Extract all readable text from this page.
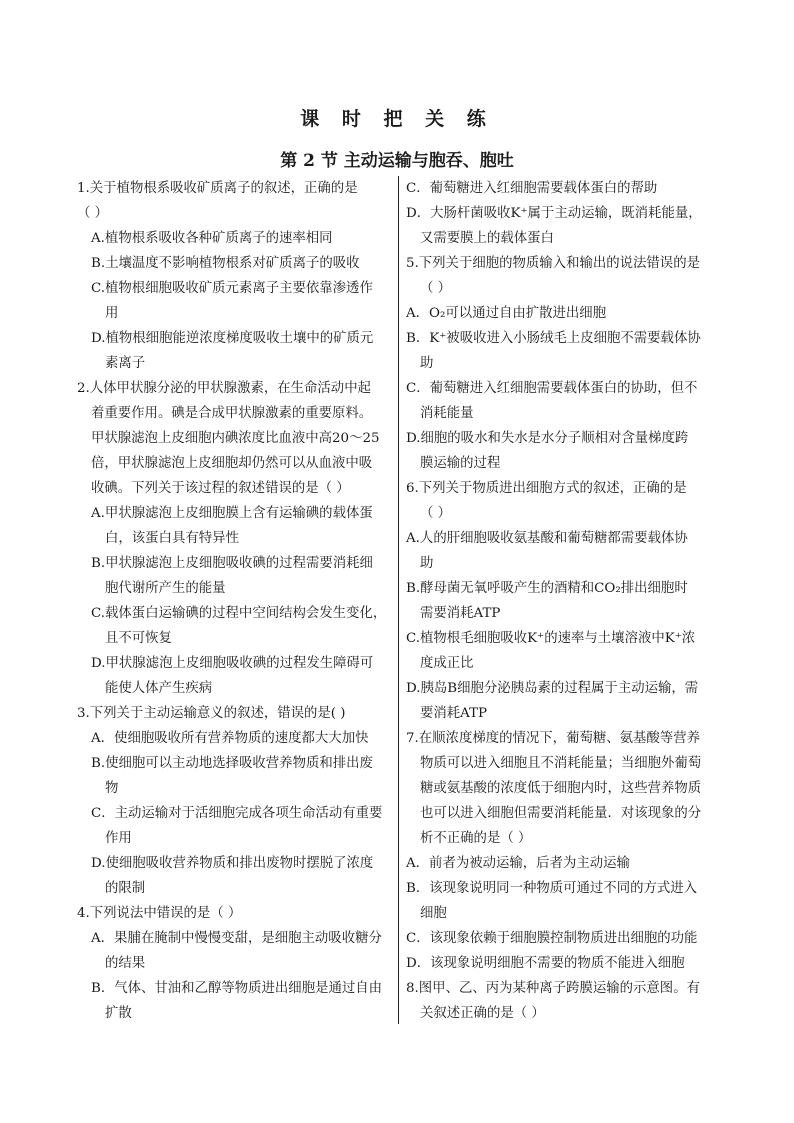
课 时 把 关 练
第 2 节 主动运输与胞吞、胞吐
1.关于植物根系吸收矿质离子的叙述，正确的是
（ ）
A.植物根系吸收各种矿质离子的速率相同
B.土壤温度不影响植物根系对矿质离子的吸收
C.植物根细胞吸收矿质元素离子主要依靠渗透作
用
D.植物根细胞能逆浓度梯度吸收土壤中的矿质元
素离子
2.人体甲状腺分泌的甲状腺激素，在生命活动中起
着重要作用。碘是合成甲状腺激素的重要原料。
甲状腺滤泡上皮细胞内碘浓度比血液中高20～25
倍，甲状腺滤泡上皮细胞却仍然可以从血液中吸
收碘。下列关于该过程的叙述错误的是（ ）
A.甲状腺滤泡上皮细胞膜上含有运输碘的载体蛋
白，该蛋白具有特异性
B.甲状腺滤泡上皮细胞吸收碘的过程需要消耗细
胞代谢所产生的能量
C.载体蛋白运输碘的过程中空间结构会发生变化，
且不可恢复
D.甲状腺滤泡上皮细胞吸收碘的过程发生障碍可
能使人体产生疾病
3.下列关于主动运输意义的叙述，错误的是( )
A．使细胞吸收所有营养物质的速度都大大加快
B.使细胞可以主动地选择吸收营养物质和排出废
物
C．主动运输对于活细胞完成各项生命活动有重要
作用
D.使细胞吸收营养物质和排出废物时摆脱了浓度
的限制
4.下列说法中错误的是（ ）
A．果脯在腌制中慢慢变甜，是细胞主动吸收糖分
的结果
B．气体、甘油和乙醇等物质进出细胞是通过自由
扩散
C．葡萄糖进入红细胞需要载体蛋白的帮助
D．大肠杆菌吸收K⁺属于主动运输，既消耗能量，
又需要膜上的载体蛋白
5.下列关于细胞的物质输入和输出的说法错误的是
（ ）
A．O₂可以通过自由扩散进出细胞
B．K⁺被吸收进入小肠绒毛上皮细胞不需要载体协
助
C．葡萄糖进入红细胞需要载体蛋白的协助，但不
消耗能量
D.细胞的吸水和失水是水分子顺相对含量梯度跨
膜运输的过程
6.下列关于物质进出细胞方式的叙述，正确的是
（ ）
A.人的肝细胞吸收氨基酸和葡萄糖都需要载体协
助
B.酵母菌无氧呼吸产生的酒精和CO₂排出细胞时
需要消耗ATP
C.植物根毛细胞吸收K⁺的速率与土壤溶液中K⁺浓
度成正比
D.胰岛B细胞分泌胰岛素的过程属于主动运输，需
要消耗ATP
7.在顺浓度梯度的情况下，葡萄糖、氨基酸等营养
物质可以进入细胞且不消耗能量；当细胞外葡萄
糖或氨基酸的浓度低于细胞内时，这些营养物质
也可以进入细胞但需要消耗能量．对该现象的分
析不正确的是（ ）
A．前者为被动运输，后者为主动运输
B．该现象说明同一种物质可通过不同的方式进入
细胞
C．该现象依赖于细胞膜控制物质进出细胞的功能
D．该现象说明细胞不需要的物质不能进入细胞
8.图甲、乙、丙为某种离子跨膜运输的示意图。有
关叙述正确的是（ ）
